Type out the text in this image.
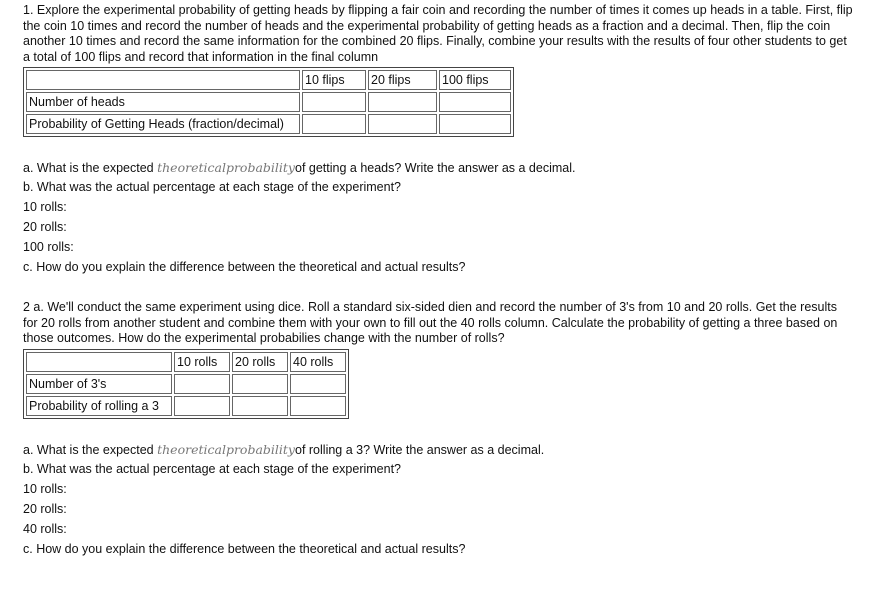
1. Explore the experimental probability of getting heads by flipping a fair coin and recording the number of times it comes up heads in a table. First, flip the coin 10 times and record the number of heads and the experimental probability of getting heads as a fraction and a decimal. Then, flip the coin another 10 times and record the same information for the combined 20 flips. Finally, combine your results with the results of four other students to get a total of 100 flips and record that information in the final column
	10 flips	20 flips	100 flips
Number of heads			
Probability of Getting Heads (fraction/decimal)			
a. What is the expected theoreticalprobabilityof getting a heads? Write the answer as a decimal.
b. What was the actual percentage at each stage of the experiment?
10 rolls:
20 rolls:
100 rolls:
c. How do you explain the difference between the theoretical and actual results?
2 a. We'll conduct the same experiment using dice. Roll a standard six-sided dien and record the number of 3's from 10 and 20 rolls. Get the results for 20 rolls from another student and combine them with your own to fill out the 40 rolls column. Calculate the probability of getting a three based on those outcomes. How do the experimental probabilies change with the number of rolls?
	10 rolls	20 rolls	40 rolls
Number of 3's			
Probability of rolling a 3			
a. What is the expected theoreticalprobabilityof rolling a 3? Write the answer as a decimal.
b. What was the actual percentage at each stage of the experiment?
10 rolls:
20 rolls:
40 rolls:
c. How do you explain the difference between the theoretical and actual results?
